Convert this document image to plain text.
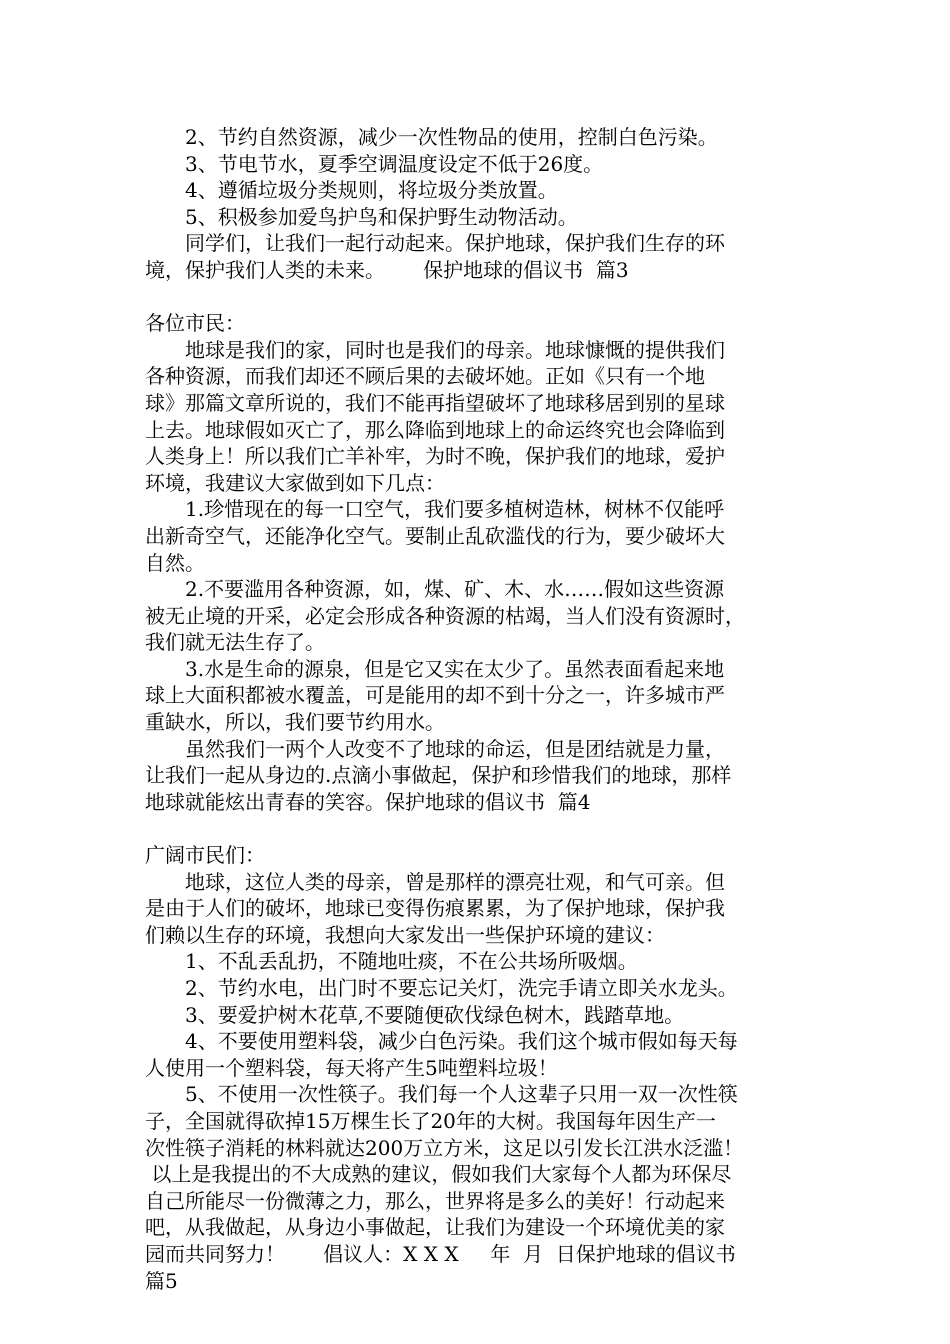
2、节约自然资源，减少一次性物品的使用，控制白色污染。
3、节电节水，夏季空调温度设定不低于26度。
4、遵循垃圾分类规则，将垃圾分类放置。
5、积极参加爱鸟护鸟和保护野生动物活动。
同学们，让我们一起行动起来。保护地球，保护我们生存的环
境，保护我们人类的未来。      保护地球的倡议书  篇3
各位市民：
地球是我们的家，同时也是我们的母亲。地球慷慨的提供我们
各种资源，而我们却还不顾后果的去破坏她。正如《只有一个地
球》那篇文章所说的，我们不能再指望破坏了地球移居到别的星球
上去。地球假如灭亡了，那么降临到地球上的命运终究也会降临到
人类身上！所以我们亡羊补牢，为时不晚，保护我们的地球，爱护
环境，我建议大家做到如下几点：
1.珍惜现在的每一口空气，我们要多植树造林，树林不仅能呼
出新奇空气，还能净化空气。要制止乱砍滥伐的行为，要少破坏大
自然。
2.不要滥用各种资源，如，煤、矿、木、水……假如这些资源
被无止境的开采，必定会形成各种资源的枯竭，当人们没有资源时，
我们就无法生存了。
3.水是生命的源泉，但是它又实在太少了。虽然表面看起来地
球上大面积都被水覆盖，可是能用的却不到十分之一，许多城市严
重缺水，所以，我们要节约用水。
虽然我们一两个人改变不了地球的命运，但是团结就是力量，
让我们一起从身边的.点滴小事做起，保护和珍惜我们的地球，那样
地球就能炫出青春的笑容。保护地球的倡议书  篇4
广阔市民们：
地球，这位人类的母亲，曾是那样的漂亮壮观，和气可亲。但
是由于人们的破坏，地球已变得伤痕累累，为了保护地球，保护我
们赖以生存的环境，我想向大家发出一些保护环境的建议：
1、不乱丢乱扔，不随地吐痰，不在公共场所吸烟。
2、节约水电，出门时不要忘记关灯，洗完手请立即关水龙头。
3、要爱护树木花草,不要随便砍伐绿色树木，践踏草地。
4、不要使用塑料袋，减少白色污染。我们这个城市假如每天每
人使用一个塑料袋，每天将产生5吨塑料垃圾！
5、不使用一次性筷子。我们每一个人这辈子只用一双一次性筷
子，全国就得砍掉15万棵生长了20年的大树。我国每年因生产一
次性筷子消耗的林料就达200万立方米，这足以引发长江洪水泛滥！
以上是我提出的不大成熟的建议，假如我们大家每个人都为环保尽
自己所能尽一份微薄之力，那么，世界将是多么的美好！行动起来
吧，从我做起，从身边小事做起，让我们为建设一个环境优美的家
园而共同努力！      倡议人：X X X     年  月  日保护地球的倡议书
篇5
